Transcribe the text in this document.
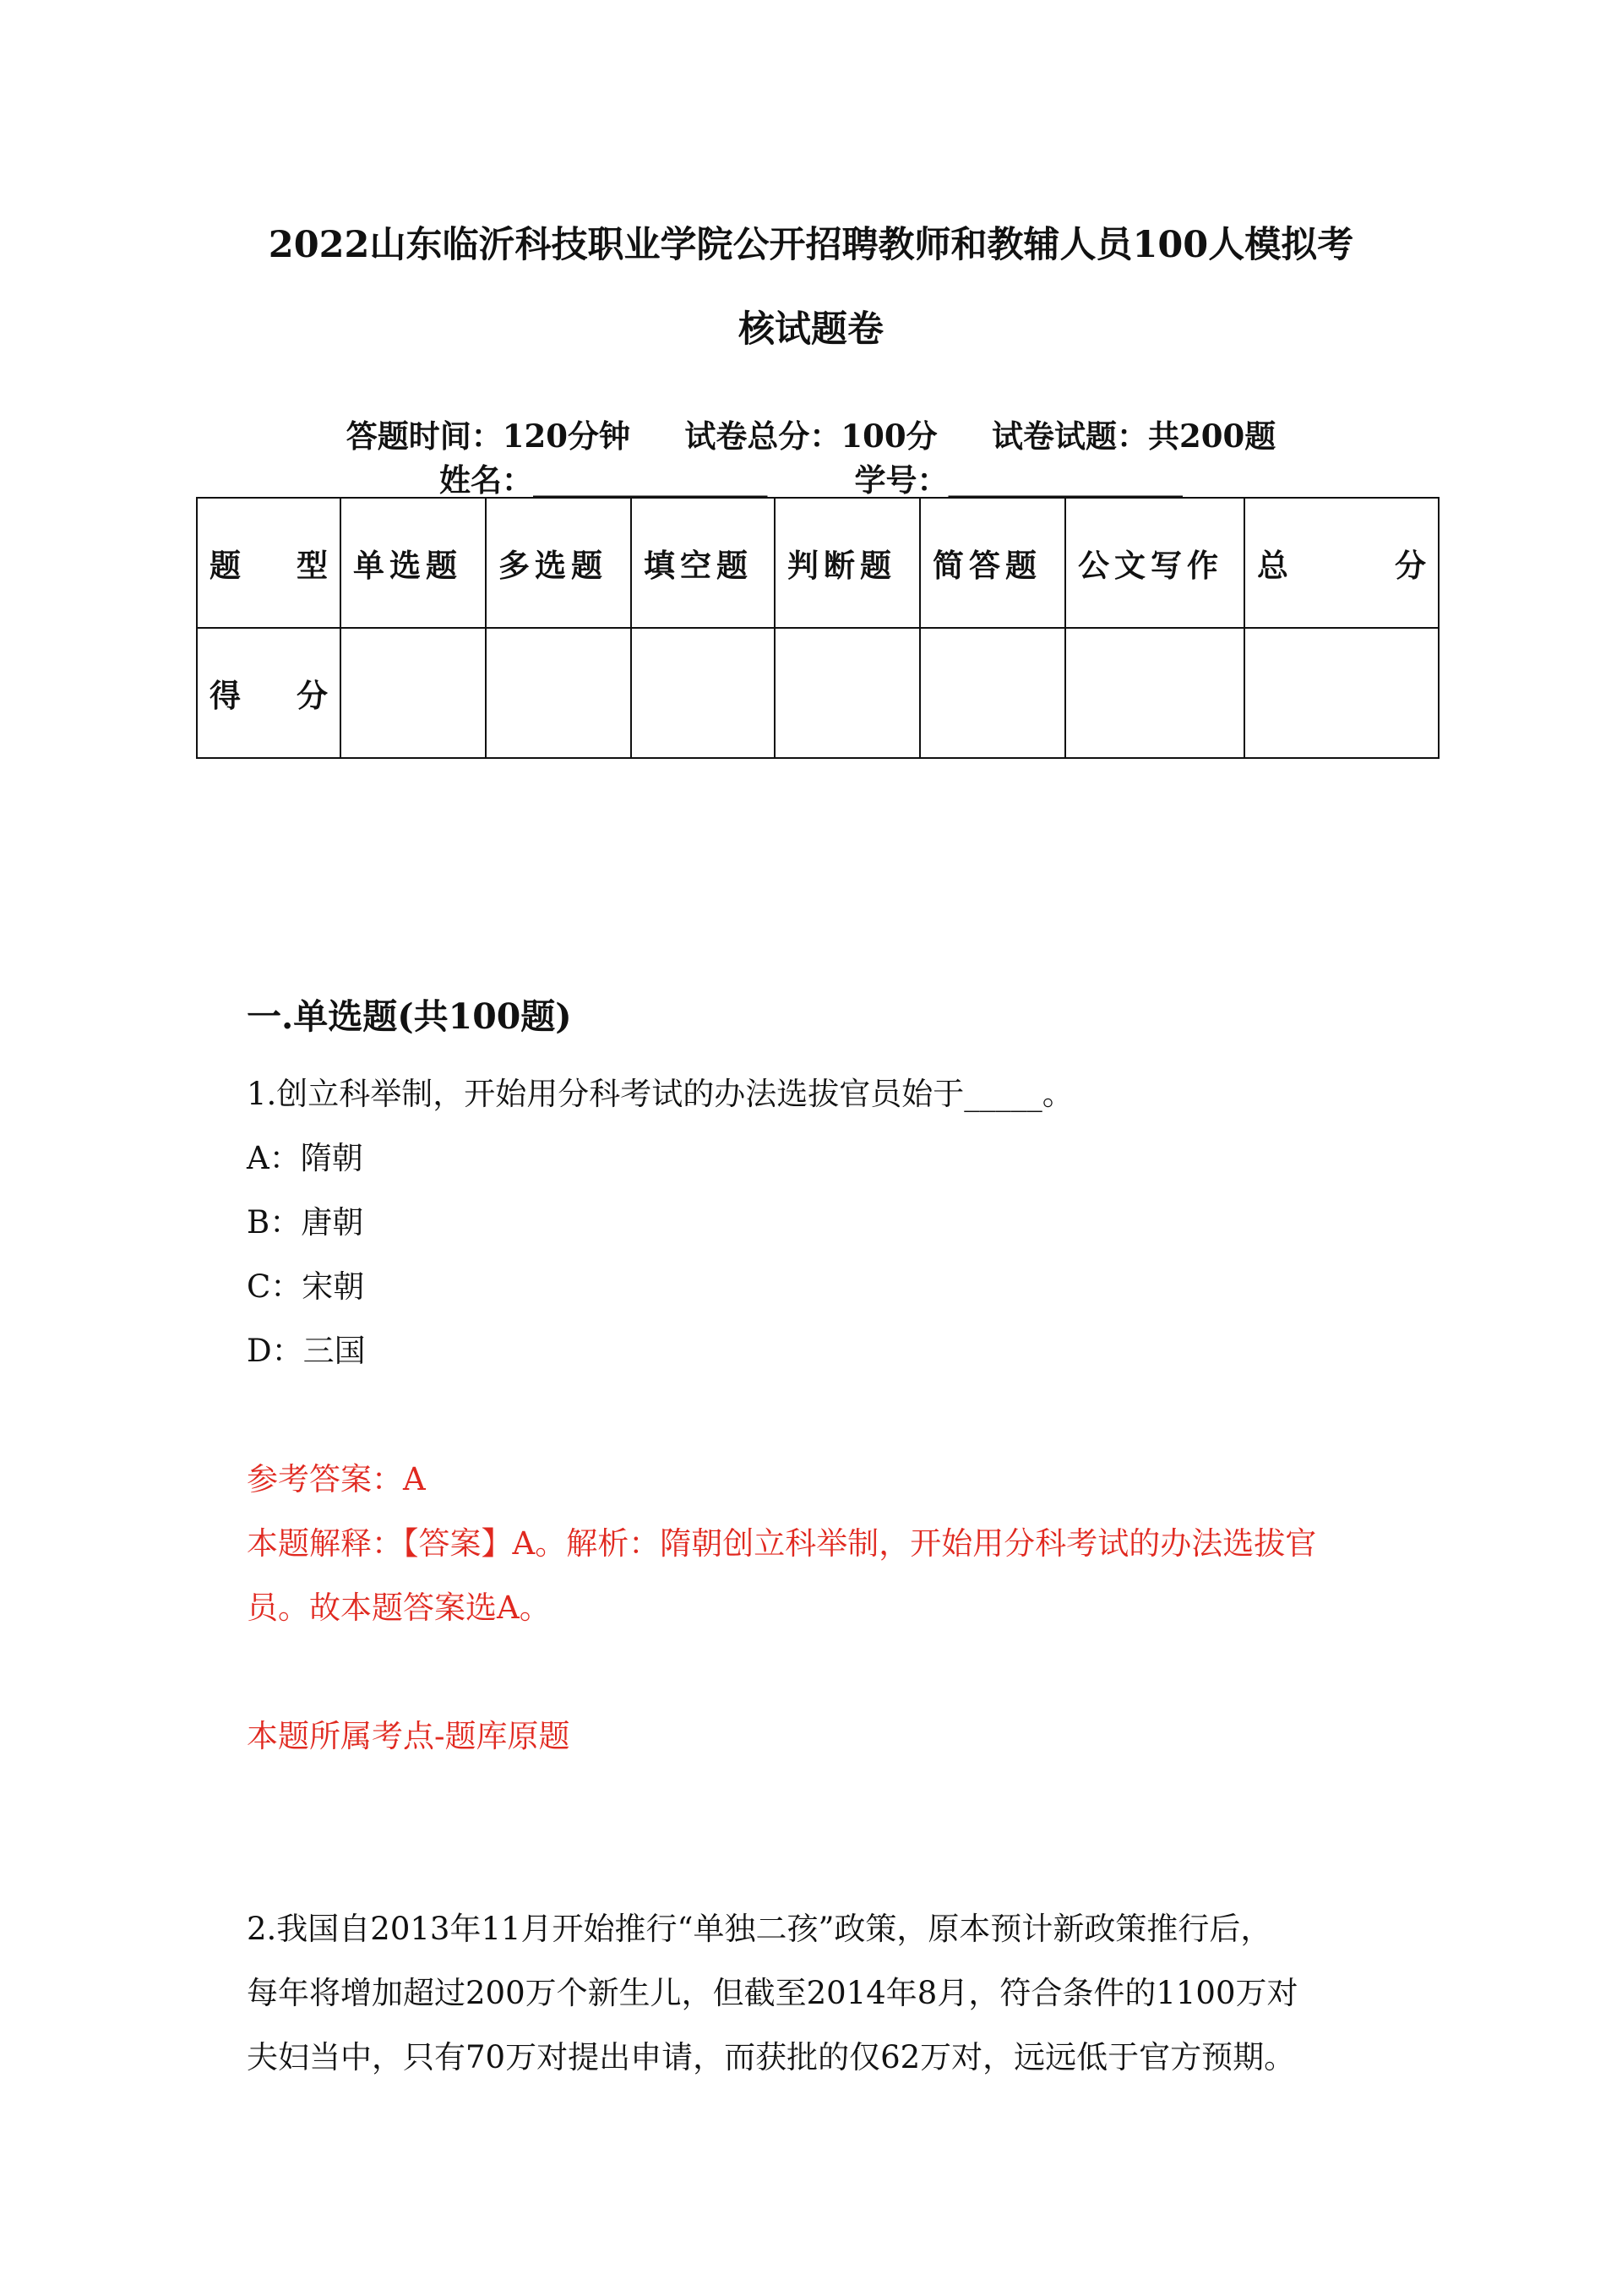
2022山东临沂科技职业学院公开招聘教师和教辅人员100人模拟考
核试题卷
答题时间：120分钟 试卷总分：100分 试卷试题：共200题
姓名：_______________	学号：_______________
题 型	单选题	多选题	填空题	判断题	简答题	公文写作	总 分

得 分							

一.单选题(共100题)
1.创立科举制，开始用分科考试的办法选拔官员始于_____。
A：隋朝
B：唐朝
C：宋朝
D：三国
参考答案：A
本题解释：【答案】A。解析：隋朝创立科举制，开始用分科考试的办法选拔官
员。故本题答案选A。
本题所属考点-题库原题
2.我国自2013年11月开始推行“单独二孩”政策，原本预计新政策推行后，
每年将增加超过200万个新生儿，但截至2014年8月，符合条件的1100万对
夫妇当中，只有70万对提出申请，而获批的仅62万对，远远低于官方预期。
